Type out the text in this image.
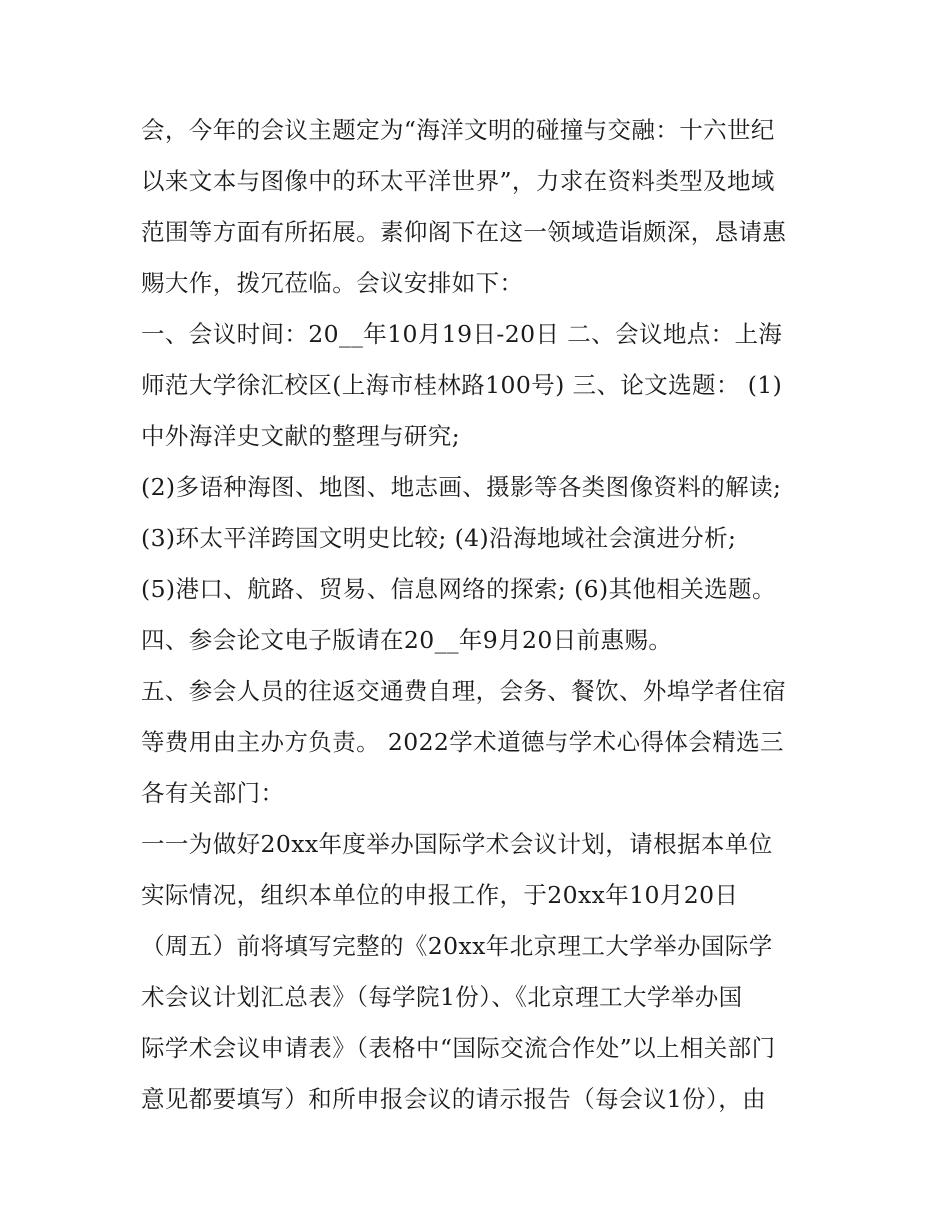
会，今年的会议主题定为“海洋文明的碰撞与交融：十六世纪
以来文本与图像中的环太平洋世界”，力求在资料类型及地域
范围等方面有所拓展。素仰阁下在这一领域造诣颇深，恳请惠
赐大作，拨冗莅临。会议安排如下：
一、会议时间：20__年10月19日-20日 二、会议地点：上海
师范大学徐汇校区(上海市桂林路100号) 三、论文选题： (1)
中外海洋史文献的整理与研究;
(2)多语种海图、地图、地志画、摄影等各类图像资料的解读;
(3)环太平洋跨国文明史比较; (4)沿海地域社会演进分析;
(5)港口、航路、贸易、信息网络的探索; (6)其他相关选题。
四、参会论文电子版请在20__年9月20日前惠赐。
五、参会人员的往返交通费自理，会务、餐饮、外埠学者住宿
等费用由主办方负责。 2022学术道德与学术心得体会精选三
各有关部门：
一一为做好20xx年度举办国际学术会议计划，请根据本单位
实际情况，组织本单位的申报工作，于20xx年10月20日
（周五）前将填写完整的《20xx年北京理工大学举办国际学
术会议计划汇总表》（每学院1份）、《北京理工大学举办国
际学术会议申请表》（表格中“国际交流合作处”以上相关部门
意见都要填写）和所申报会议的请示报告（每会议1份），由
